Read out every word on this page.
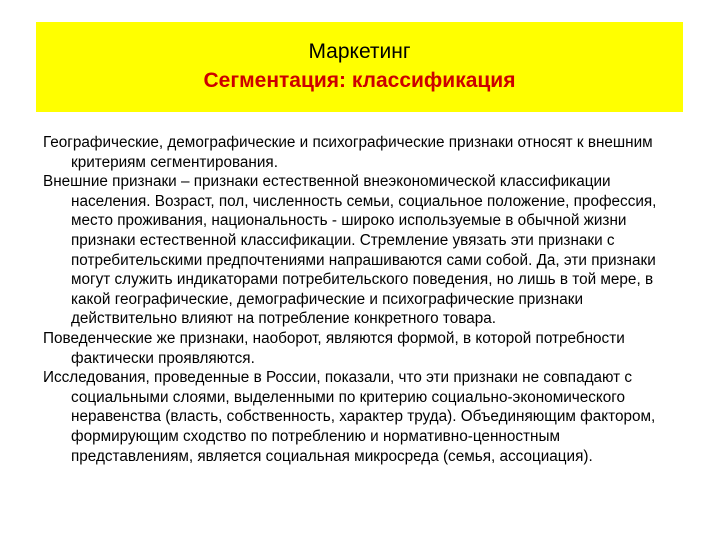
Маркетинг
Сегментация: классификация

Географические, демографические и психографические признаки относят к внешним критериям сегментирования.

Внешние признаки – признаки естественной внеэкономической классификации населения. Возраст, пол, численность семьи, социальное положение, профессия, место проживания, национальность - широко используемые в обычной жизни признаки естественной классификации. Стремление увязать эти признаки с потребительскими предпочтениями напрашиваются сами собой. Да, эти признаки могут служить индикаторами потребительского поведения, но лишь в той мере, в какой географические, демографические и психографические признаки действительно влияют на потребление конкретного товара.

Поведенческие же признаки, наоборот, являются формой, в которой потребности фактически проявляются.

Исследования, проведенные в России, показали, что эти признаки не совпадают с социальными слоями, выделенными по критерию социально-экономического неравенства (власть, собственность, характер труда). Объединяющим фактором, формирующим сходство по потреблению и нормативно-ценностным представлениям, является социальная микросреда (семья, ассоциация).
